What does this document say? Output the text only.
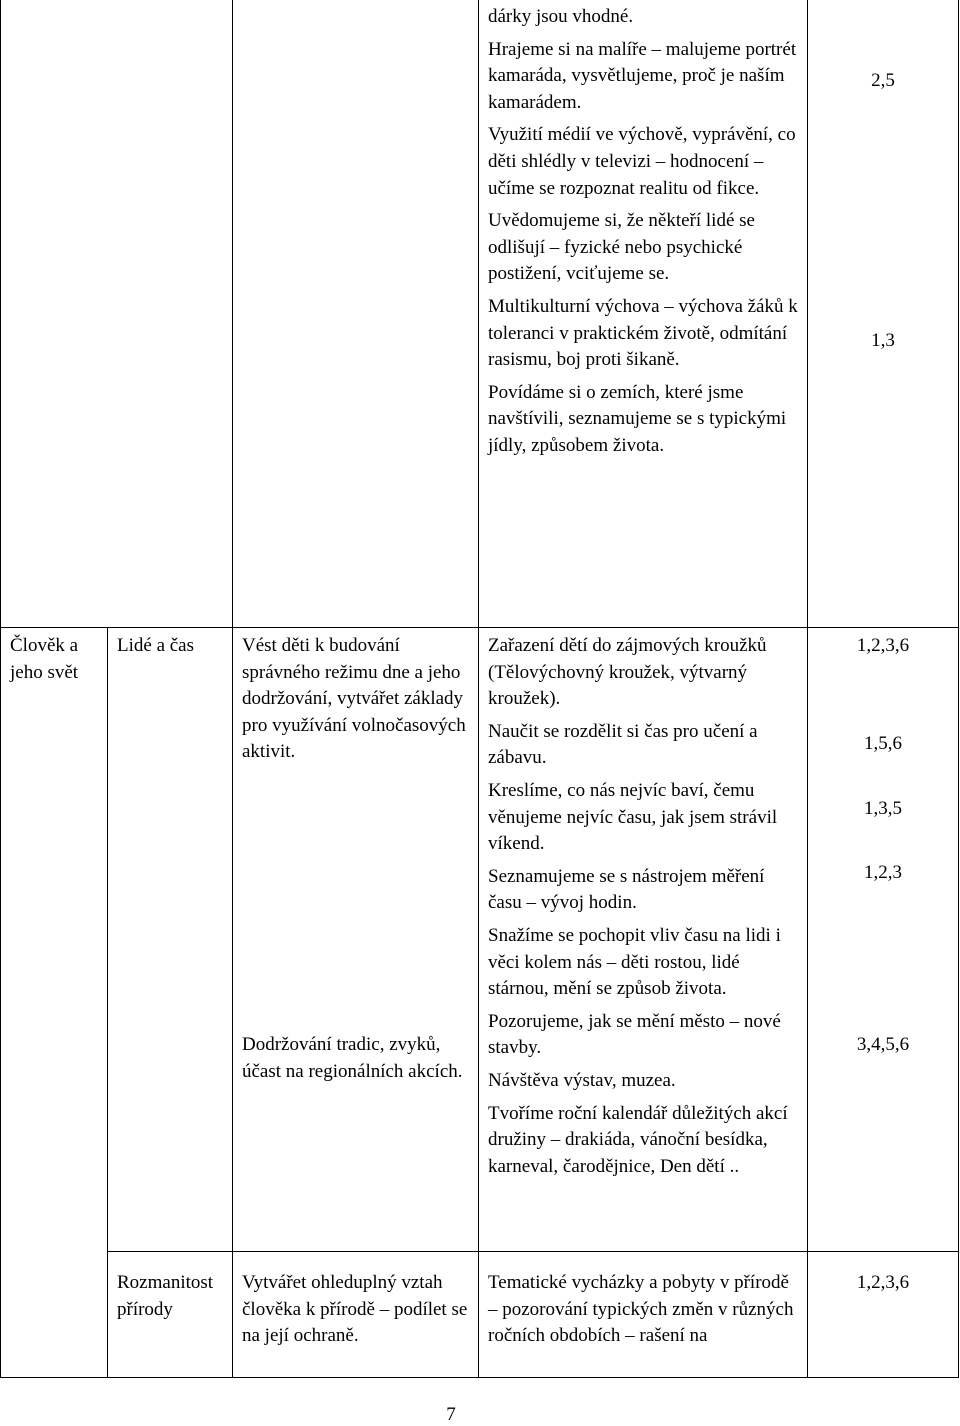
dárky jsou vhodné.

Hrajeme si na malíře – malujeme portrét kamaráda, vysvětlujeme, proč je naším kamarádem.

Využití médií ve výchově, vyprávění, co děti shlédly v televizi – hodnocení – učíme se rozpoznat realitu od fikce.

Uvědomujeme si, že někteří lidé se odlišují – fyzické nebo psychické postižení, vciťujeme se.

Multikulturní výchova – výchova žáků k toleranci v praktickém životě, odmítání rasismu, boj proti šikaně.

Povídáme si o zemích, které jsme navštívili, seznamujeme se s typickými jídly, způsobem života.

2,5
1,3
Člověk a jeho svět
Lidé a čas	Vést děti k budování správného režimu dne a jeho dodržování, vytvářet základy pro využívání volnočasových aktivit.
Dodržování tradic, zvyků, účast na regionálních akcích.

Zařazení dětí do zájmových kroužků (Tělovýchovný kroužek, výtvarný kroužek).

Naučit se rozdělit si čas pro učení a zábavu.

Kreslíme, co nás nejvíc baví, čemu věnujeme nejvíc času, jak jsem strávil víkend.

Seznamujeme se s nástrojem měření času – vývoj hodin.

Snažíme se pochopit vliv času na lidi i věci kolem nás – děti rostou, lidé stárnou, mění se způsob života.

Pozorujeme, jak se mění město – nové stavby.

Návštěva výstav, muzea.

Tvoříme roční kalendář důležitých akcí družiny – drakiáda, vánoční besídka, karneval, čarodějnice, Den dětí ..

1,2,3,6
1,5,6
1,3,5
1,2,3
3,4,5,6
Rozmanitost přírody
Vytvářet ohleduplný vztah člověka k přírodě – podílet se na její ochraně.
Tematické vycházky a pobyty v přírodě – pozorování typických změn v různých ročních obdobích – rašení na
1,2,3,6
7
